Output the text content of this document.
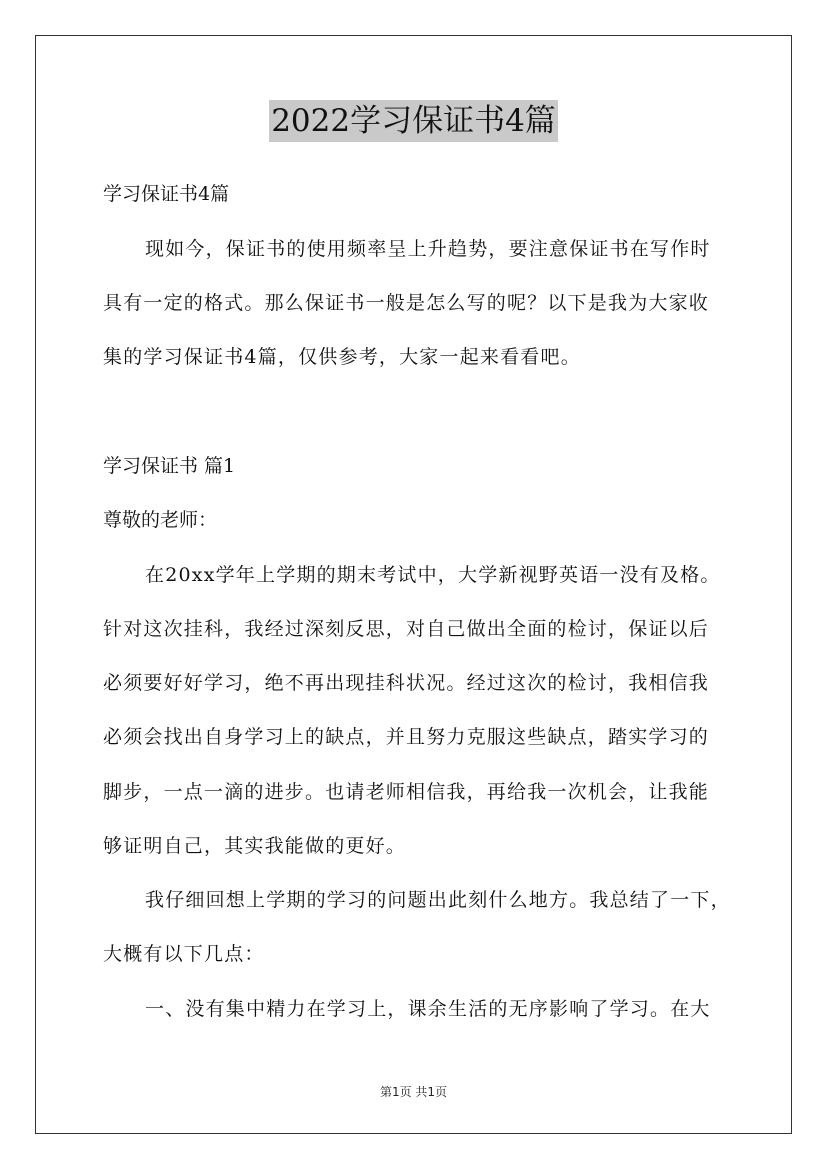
2022学习保证书4篇
学习保证书4篇
现如今，保证书的使用频率呈上升趋势，要注意保证书在写作时
具有一定的格式。那么保证书一般是怎么写的呢？以下是我为大家收
集的学习保证书4篇，仅供参考，大家一起来看看吧。
学习保证书 篇1
尊敬的老师：
在20xx学年上学期的期末考试中，大学新视野英语一没有及格。
针对这次挂科，我经过深刻反思，对自己做出全面的检讨，保证以后
必须要好好学习，绝不再出现挂科状况。经过这次的检讨，我相信我
必须会找出自身学习上的缺点，并且努力克服这些缺点，踏实学习的
脚步，一点一滴的进步。也请老师相信我，再给我一次机会，让我能
够证明自己，其实我能做的更好。
我仔细回想上学期的学习的问题出此刻什么地方。我总结了一下，
大概有以下几点：
一、没有集中精力在学习上，课余生活的无序影响了学习。在大
第1页 共1页
